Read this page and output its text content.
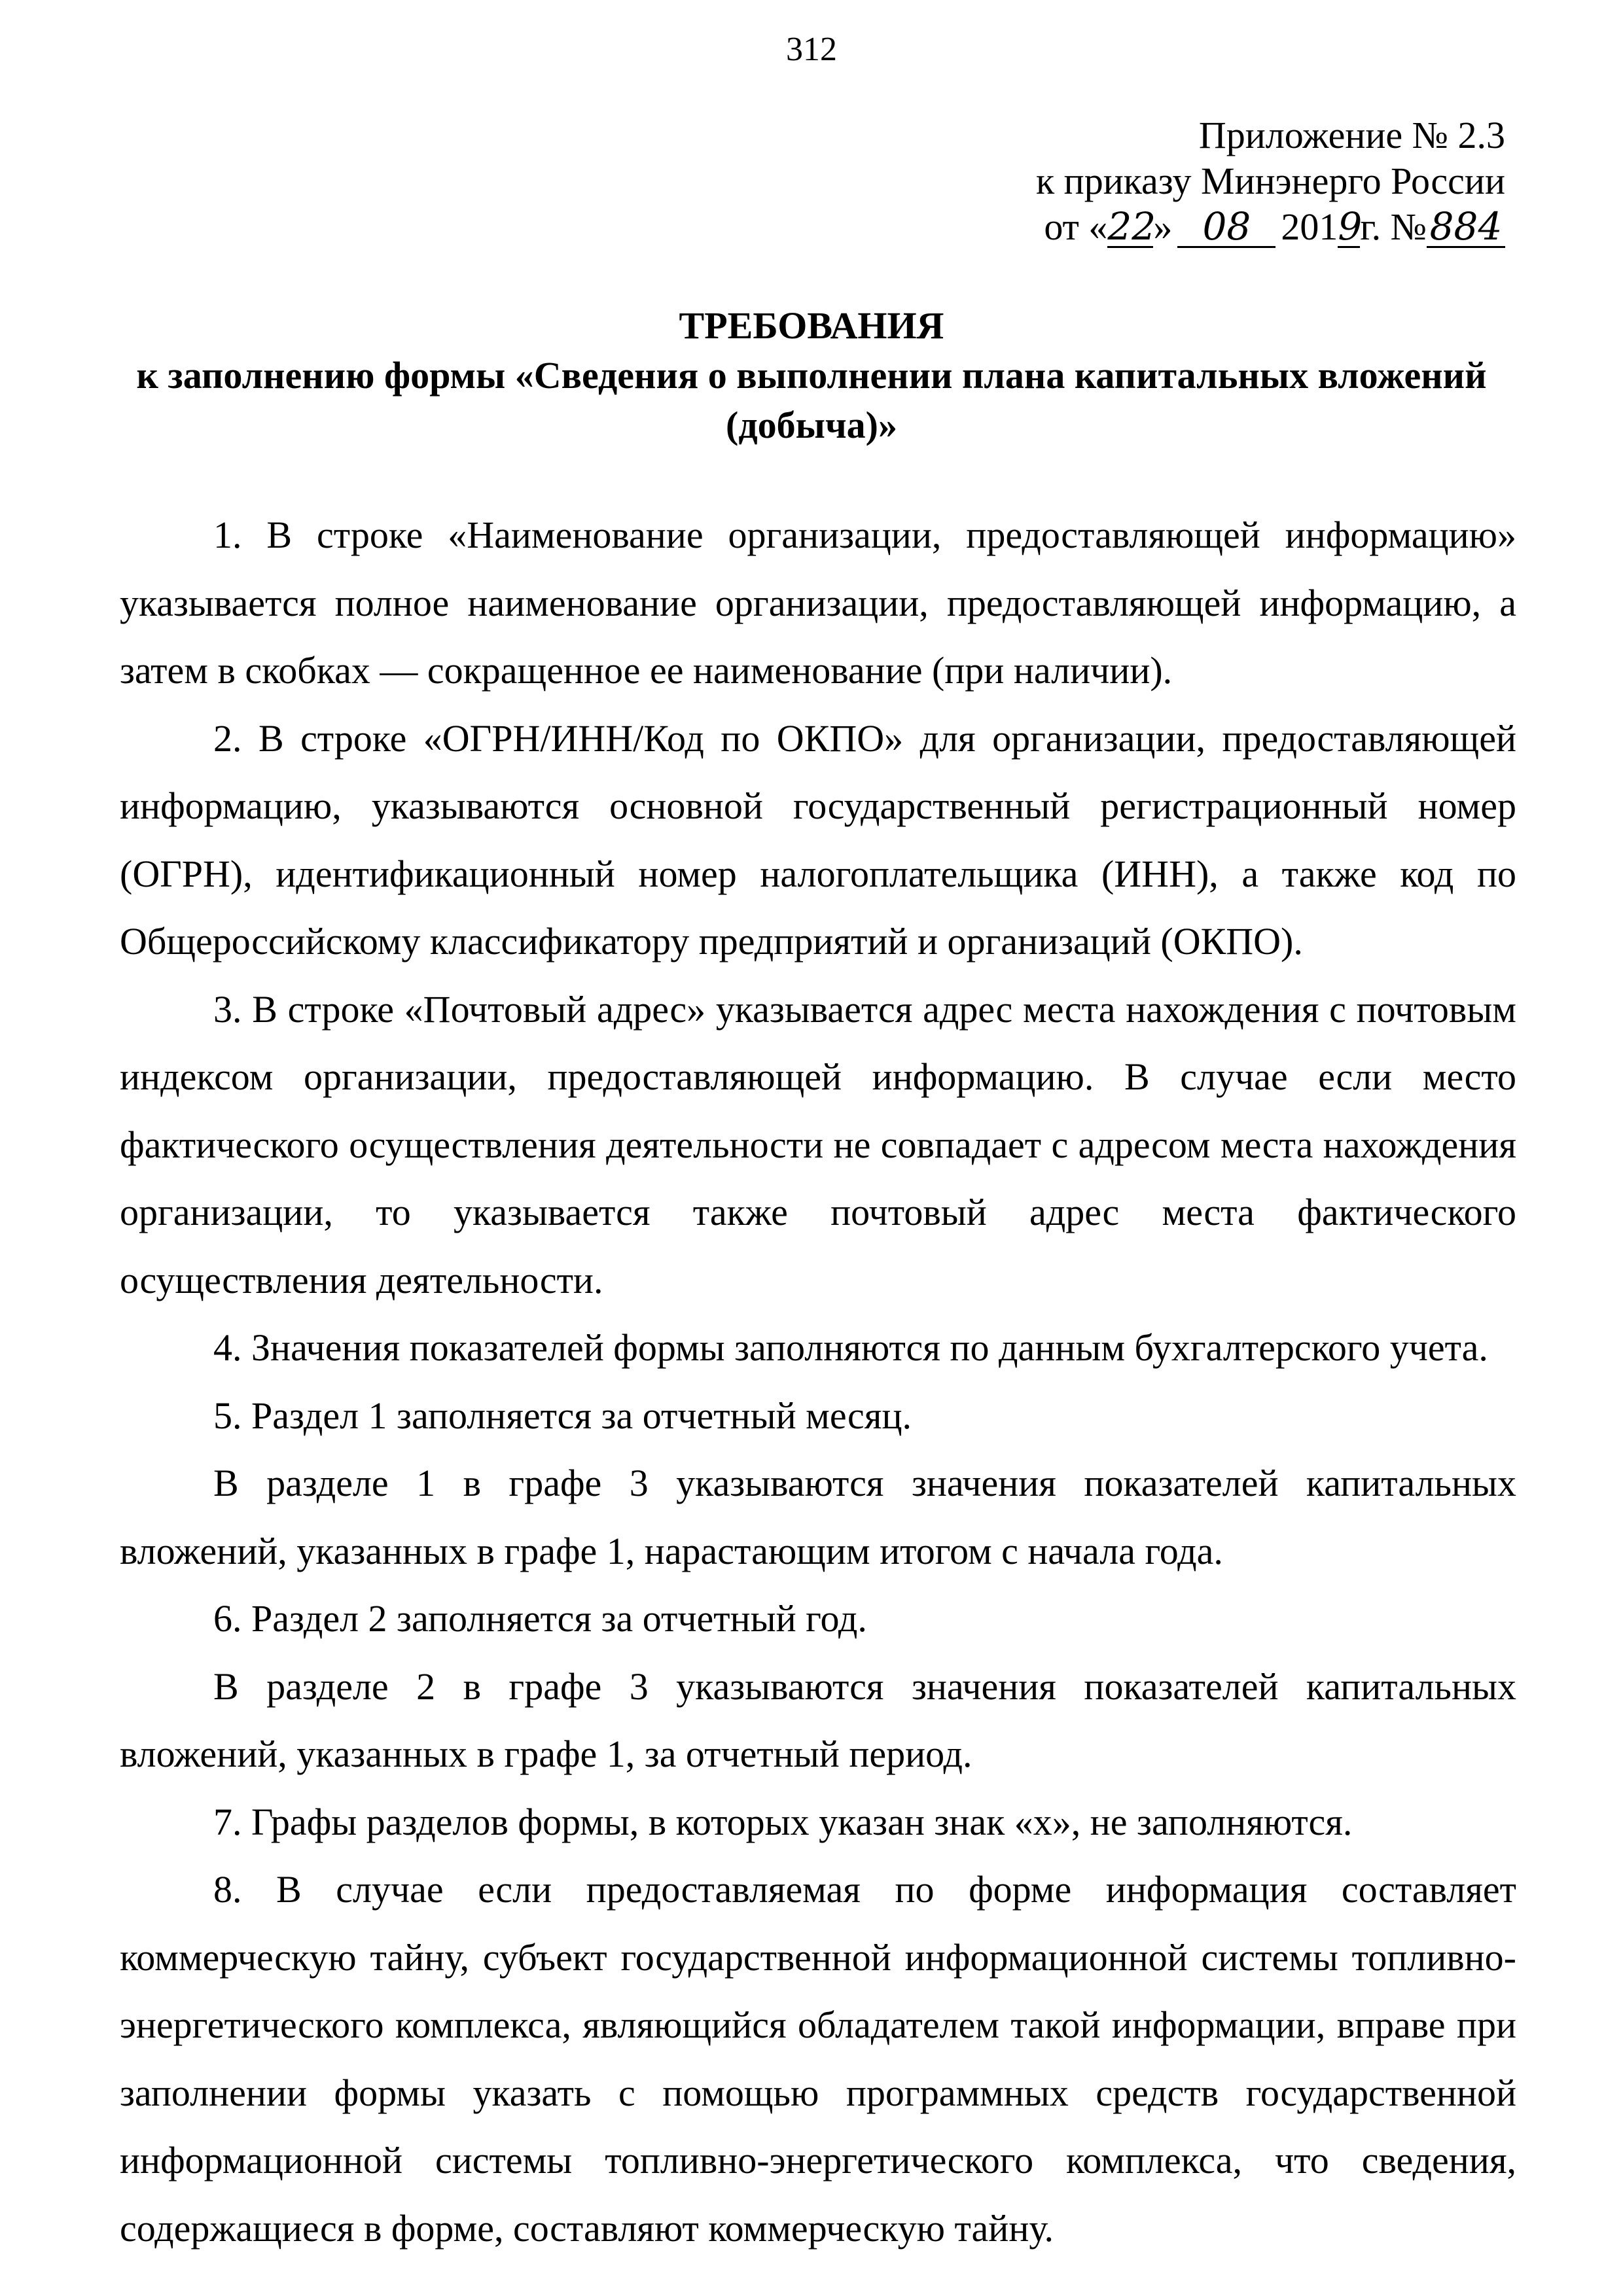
312
Приложение № 2.3
к приказу Минэнерго России
от «22» 08 2019г. №884
ТРЕБОВАНИЯ
к заполнению формы «Сведения о выполнении плана капитальных вложений
(добыча)»

1. В строке «Наименование организации, предоставляющей информацию» указывается полное наименование организации, предоставляющей информацию, а затем в скобках — сокращенное ее наименование (при наличии).

2. В строке «ОГРН/ИНН/Код по ОКПО» для организации, предоставляющей информацию, указываются основной государственный регистрационный номер (ОГРН), идентификационный номер налогоплательщика (ИНН), а также код по Общероссийскому классификатору предприятий и организаций (ОКПО).

3. В строке «Почтовый адрес» указывается адрес места нахождения с почтовым индексом организации, предоставляющей информацию. В случае если место фактического осуществления деятельности не совпадает с адресом места нахождения организации, то указывается также почтовый адрес места фактического осуществления деятельности.

4. Значения показателей формы заполняются по данным бухгалтерского учета.

5. Раздел 1 заполняется за отчетный месяц.

В разделе 1 в графе 3 указываются значения показателей капитальных вложений, указанных в графе 1, нарастающим итогом с начала года.

6. Раздел 2 заполняется за отчетный год.

В разделе 2 в графе 3 указываются значения показателей капитальных вложений, указанных в графе 1, за отчетный период.

7. Графы разделов формы, в которых указан знак «х», не заполняются.

8. В случае если предоставляемая по форме информация составляет коммерческую тайну, субъект государственной информационной системы топливно-энергетического комплекса, являющийся обладателем такой информации, вправе при заполнении формы указать с помощью программных средств государственной информационной системы топливно-энергетического комплекса, что сведения, содержащиеся в форме, составляют коммерческую тайну.
